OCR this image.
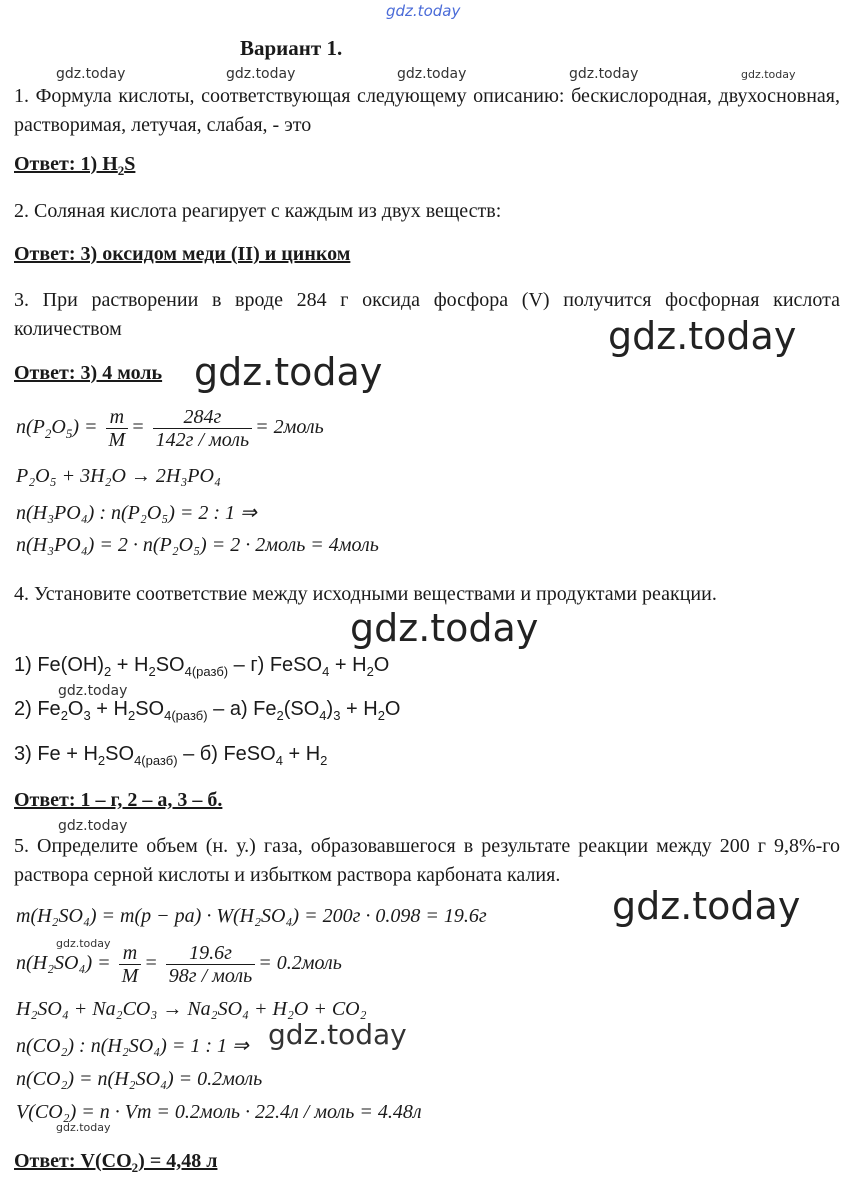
gdz.today
gdz.today	gdz.today	gdz.today	gdz.today	gdz.today
gdz.today
gdz.today
gdz.today
gdz.today
gdz.today
gdz.today
gdz.today
gdz.today
gdz.today
Вариант 1.
1. Формула кислоты, соответствующая следующему описанию: бескислородная, двухосновная, растворимая, летучая, слабая, - это
Ответ: 1) $H_2S$
2. Соляная кислота реагирует с каждым из двух веществ:
Ответ: 3) оксидом меди (II) и цинком
3. При растворении в вроде 284 г оксида фосфора (V) получится фосфорная кислота количеством
Ответ: 3) 4 моль
$n(P_2O_5) = \frac{m}{M} = \frac{284г}{\text{142г / моль}}$ = 2моль
P₂O₅ + 3H₂O → 2H₃PO₄
n(H₃PO₄) : n(P₂O₅) = 2 : 1 ⇒
n(H₃PO₄) = 2 · n(P₂O₅) = 2 · 2моль = 4моль
4. Установите соответствие между исходными веществами и продуктами реакции.
1) $Fe(OH)_2 + H_2SO_{4(разб)} - г$) FeSO$_4$ + $H_2O$
2) $Fe_2O_3 + H_2SO_{4(разб)} - а$) $Fe_2(SO_4)_3 + H_2O$
3) $Fe + H_2SO_{4(разб)} - б$) FeSO$_4$ + $H_2$
Ответ: 1 – г, 2 – а, 3 – б.
5. Определите объем (н. у.) газа, образовавшегося в результате реакции между 200 г 9,8%-го раствора серной кислоты и избытком раствора карбоната калия.
m(H₂SO₄) = m(p − pa) · W(H₂SO₄) = 200г · 0.098 = 19.6г
$n(H_2SO_4) = \frac{m}{M} = \frac{19.6г}{\text{98г / моль}}$ = 0.2моль
H₂SO₄ + Na₂CO₃ → Na₂SO₄ + H₂O + CO₂
n(CO₂) : n(H₂SO₄) = 1 : 1 ⇒
n(CO₂) = n(H₂SO₄) = 0.2моль
V(CO₂) = n · Vm = 0.2моль · 22.4л / моль = 4.48л
Ответ: $V(CO_2) = 4,48$ л
